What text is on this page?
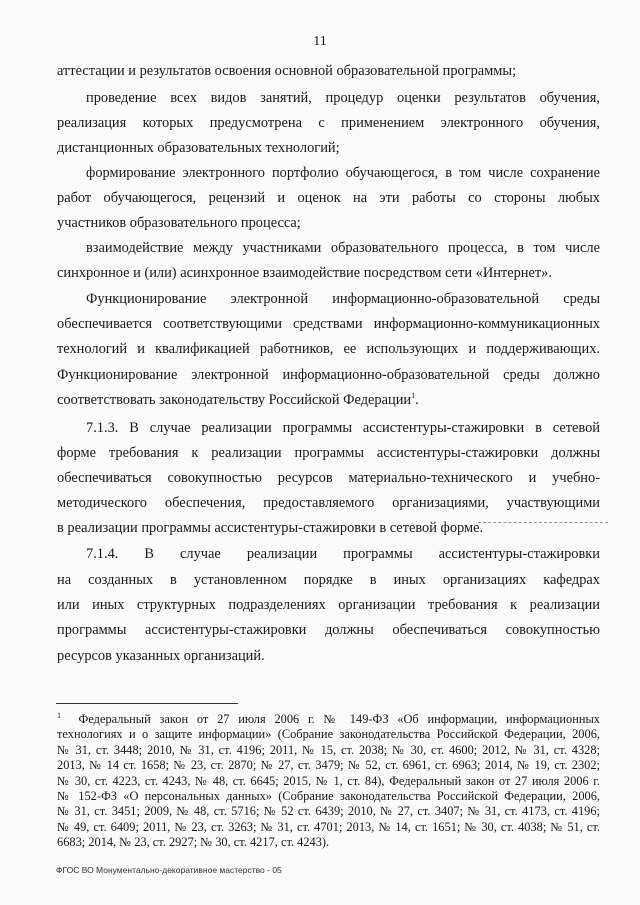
11
аттестации и результатов освоения основной образовательной программы;
проведение всех видов занятий, процедур оценки результатов обучения,
реализация которых предусмотрена с применением электронного обучения,
дистанционных образовательных технологий;
формирование электронного портфолио обучающегося, в том числе сохранение
работ обучающегося, рецензий и оценок на эти работы со стороны любых
участников образовательного процесса;
взаимодействие между участниками образовательного процесса, в том числе
синхронное и (или) асинхронное взаимодействие посредством сети «Интернет».
Функционирование электронной информационно-образовательной среды
обеспечивается соответствующими средствами информационно-коммуникационных
технологий и квалификацией работников, ее использующих и поддерживающих.
Функционирование электронной информационно-образовательной среды должно
соответствовать законодательству Российской Федерации$^1$.
7.1.3. В случае реализации программы ассистентуры-стажировки в сетевой
форме требования к реализации программы ассистентуры-стажировки должны
обеспечиваться совокупностью ресурсов материально-технического и учебно-
методического обеспечения, предоставляемого организациями, участвующими
в реализации программы ассистентуры-стажировки в сетевой форме.
7.1.4. В случае реализации программы ассистентуры-стажировки
на созданных в установленном порядке в иных организациях кафедрах
или иных структурных подразделениях организации требования к реализации
программы ассистентуры-стажировки должны обеспечиваться совокупностью
ресурсов указанных организаций.
$^1$ Федеральный закон от 27 июля 2006 г. № 149-ФЗ «Об информации, информационных
технологиях и о защите информации» (Собрание законодательства Российской Федерации, 2006,
№ 31, ст. 3448; 2010, № 31, ст. 4196; 2011, № 15, ст. 2038; № 30, ст. 4600; 2012, № 31, ст. 4328;
2013, № 14 ст. 1658; № 23, ст. 2870; № 27, ст. 3479; № 52, ст. 6961, ст. 6963; 2014, № 19, ст. 2302;
№ 30, ст. 4223, ст. 4243, № 48, ст. 6645; 2015, № 1, ст. 84), Федеральный закон от 27 июля 2006 г.
№ 152-ФЗ «О персональных данных» (Собрание законодательства Российской Федерации, 2006,
№ 31, ст. 3451; 2009, № 48, ст. 5716; № 52 ст. 6439; 2010, № 27, ст. 3407; № 31, ст. 4173, ст. 4196;
№ 49, ст. 6409; 2011, № 23, ст. 3263; № 31, ст. 4701; 2013, № 14, ст. 1651; № 30, ст. 4038; № 51, ст.
6683; 2014, № 23, ст. 2927; № 30, ст. 4217, ст. 4243).
ФГОС ВО Монументально-декоративное мастерство - 05
